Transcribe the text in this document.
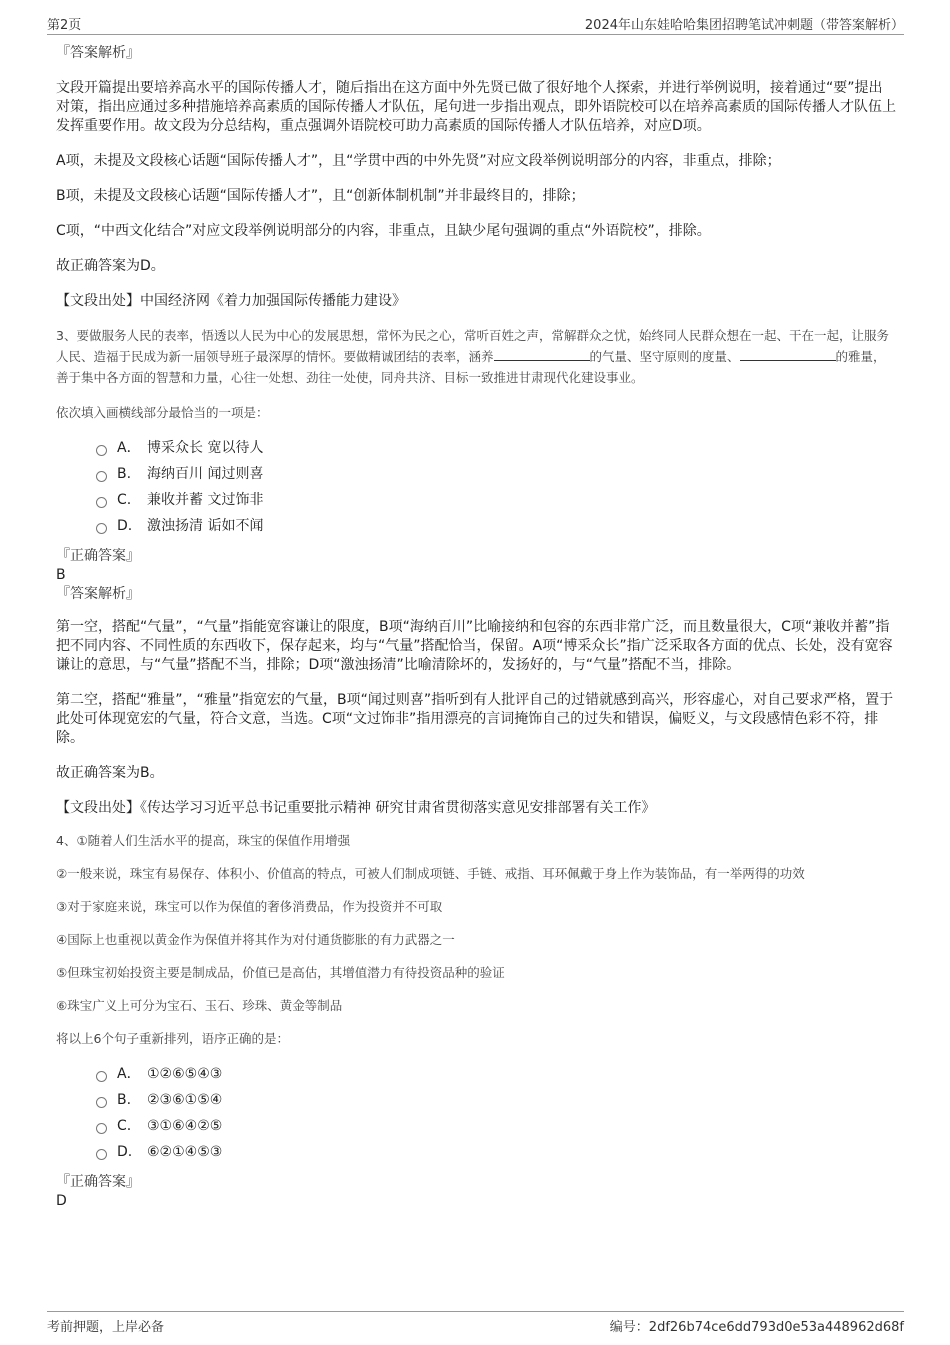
第2页	2024年山东娃哈哈集团招聘笔试冲刺题（带答案解析）

『答案解析』

文段开篇提出要培养高水平的国际传播人才，随后指出在这方面中外先贤已做了很好地个人探索，并进行举例说明，接着通过“要”提出对策，指出应通过多种措施培养高素质的国际传播人才队伍，尾句进一步指出观点，即外语院校可以在培养高素质的国际传播人才队伍上发挥重要作用。故文段为分总结构，重点强调外语院校可助力高素质的国际传播人才队伍培养，对应D项。

A项，未提及文段核心话题“国际传播人才”，且“学贯中西的中外先贤”对应文段举例说明部分的内容，非重点，排除；

B项，未提及文段核心话题“国际传播人才”，且“创新体制机制”并非最终目的，排除；

C项，“中西文化结合”对应文段举例说明部分的内容，非重点，且缺少尾句强调的重点“外语院校”，排除。

故正确答案为D。

【文段出处】中国经济网《着力加强国际传播能力建设》

3、要做服务人民的表率，悟透以人民为中心的发展思想，常怀为民之心，常听百姓之声，常解群众之忧，始终同人民群众想在一起、干在一起，让服务人民、造福于民成为新一届领导班子最深厚的情怀。要做精诚团结的表率，涵养	的气量、坚守原则的度量、	的雅量，善于集中各方面的智慧和力量，心往一处想、劲往一处使，同舟共济、目标一致推进甘肃现代化建设事业。

依次填入画横线部分最恰当的一项是：

A． 博采众长 宽以待人
B. 海纳百川 闻过则喜
C. 兼收并蓄 文过饰非
D. 激浊扬清 诟如不闻

『正确答案』

B

『答案解析』

第一空，搭配“气量”，“气量”指能宽容谦让的限度，B项“海纳百川”比喻接纳和包容的东西非常广泛，而且数量很大，C项“兼收并蓄”指把不同内容、不同性质的东西收下，保存起来，均与“气量”搭配恰当，保留。A项“博采众长”指广泛采取各方面的优点、长处，没有宽容谦让的意思，与“气量”搭配不当，排除；D项“激浊扬清”比喻清除坏的，发扬好的，与“气量”搭配不当，排除。

第二空，搭配“雅量”，“雅量”指宽宏的气量，B项“闻过则喜”指听到有人批评自己的过错就感到高兴，形容虚心，对自己要求严格，置于此处可体现宽宏的气量，符合文意，当选。C项“文过饰非”指用漂亮的言词掩饰自己的过失和错误，偏贬义，与文段感情色彩不符，排除。

故正确答案为B。

【文段出处】《传达学习习近平总书记重要批示精神 研究甘肃省贯彻落实意见安排部署有关工作》

4、①随着人们生活水平的提高，珠宝的保值作用增强

②一般来说，珠宝有易保存、体积小、价值高的特点，可被人们制成项链、手链、戒指、耳环佩戴于身上作为装饰品，有一举两得的功效

③对于家庭来说，珠宝可以作为保值的奢侈消费品，作为投资并不可取

④国际上也重视以黄金作为保值并将其作为对付通货膨胀的有力武器之一

⑤但珠宝初始投资主要是制成品，价值已是高估，其增值潜力有待投资品种的验证

⑥珠宝广义上可分为宝石、玉石、珍珠、黄金等制品

将以上6个句子重新排列，语序正确的是：

A． ①②⑥⑤④③
B. ②③⑥①⑤④
C. ③①⑥④②⑤
D. ⑥②①④⑤③

『正确答案』

D

考前押题，上岸必备	编号：2df26b74ce6dd793d0e53a448962d68f
